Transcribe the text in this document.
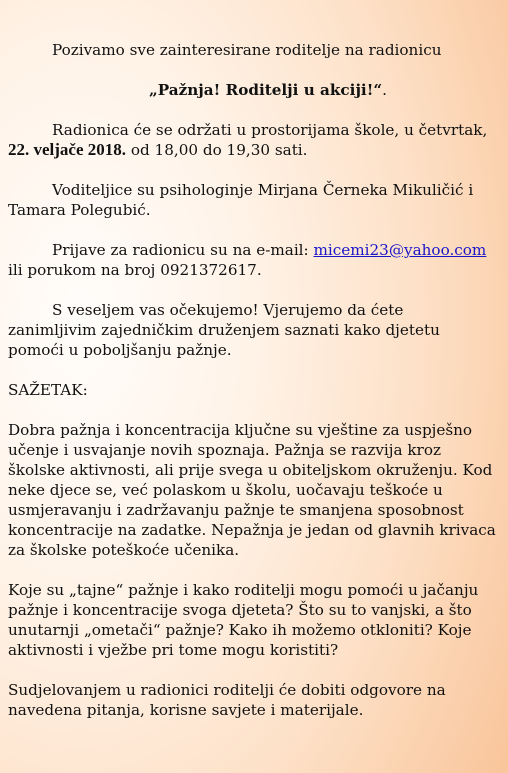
Pozivamo sve zainteresirane roditelje na radionicu

„Pažnja! Roditelji u akciji!“.

Radionica će se održati u prostorijama škole, u četvrtak, 22. veljače 2018. od 18,00 do 19,30 sati.

Voditeljice su psihologinje Mirjana Černeka Mikuličić i Tamara Polegubić.

Prijave za radionicu su na e-mail: micemi23@yahoo.com ili porukom na broj 0921372617.

S veseljem vas očekujemo! Vjerujemo da ćete zanimljivim zajedničkim druženjem saznati kako djetetu pomoći u poboljšanju pažnje.

SAŽETAK:

Dobra pažnja i koncentracija ključne su vještine za uspješno učenje i usvajanje novih spoznaja. Pažnja se razvija kroz školske aktivnosti, ali prije svega u obiteljskom okruženju. Kod neke djece se, već polaskom u školu, uočavaju teškoće u usmjeravanju i zadržavanju pažnje te smanjena sposobnost koncentracije na zadatke. Nepažnja je jedan od glavnih krivaca za školske poteškoće učenika.

Koje su „tajne“ pažnje i kako roditelji mogu pomoći u jačanju pažnje i koncentracije svoga djeteta? Što su to vanjski, a što unutarnji „ometači“ pažnje? Kako ih možemo otkloniti? Koje aktivnosti i vježbe pri tome mogu koristiti?

Sudjelovanjem u radionici roditelji će dobiti odgovore na navedena pitanja, korisne savjete i materijale.
